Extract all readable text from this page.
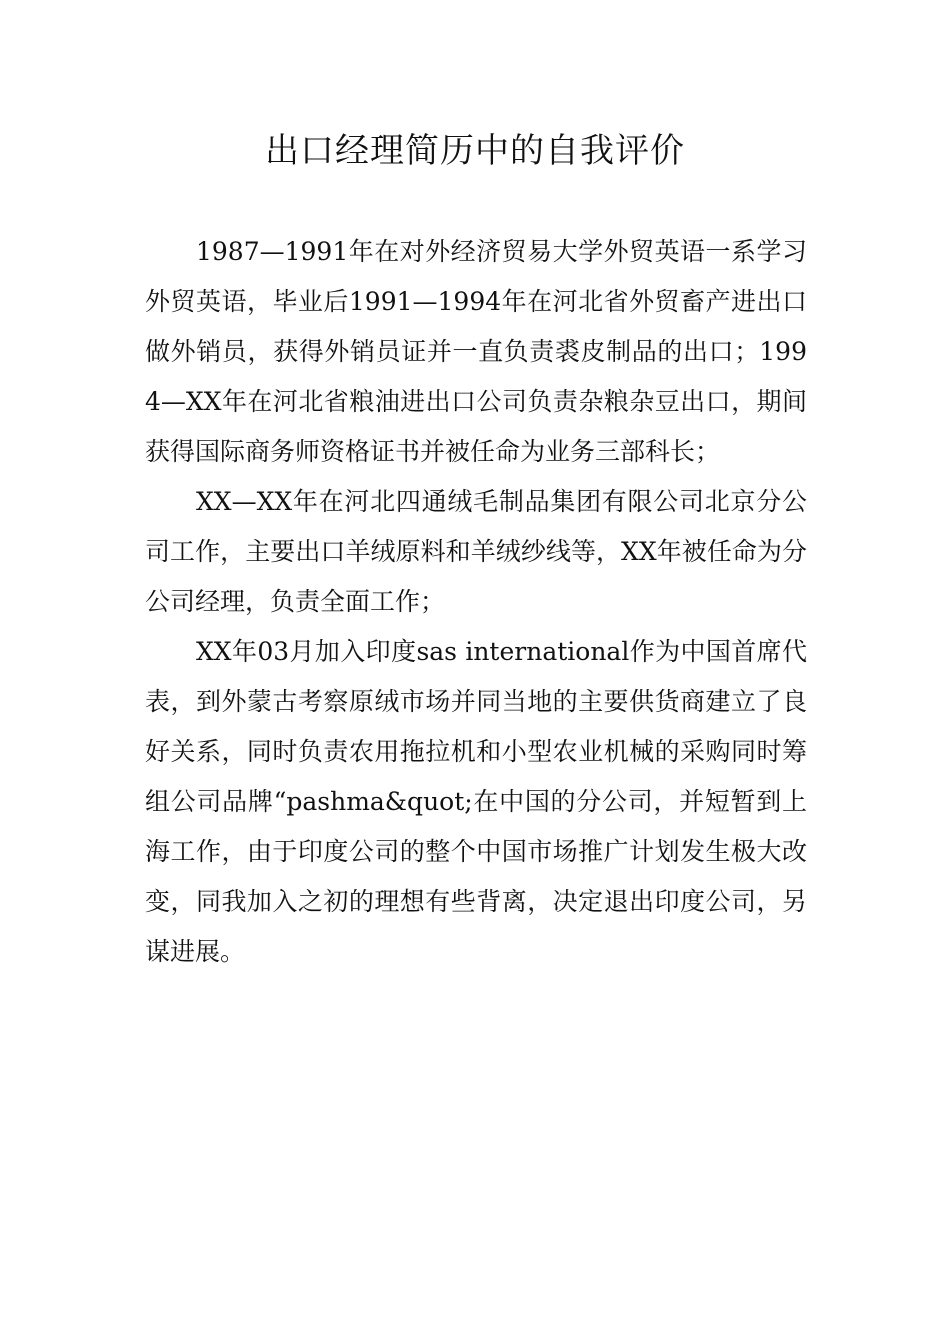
出口经理简历中的自我评价

1987—1991年在对外经济贸易大学外贸英语一系学习外贸英语，毕业后1991—1994年在河北省外贸畜产进出口做外销员，获得外销员证并一直负责裘皮制品的出口；1994—XX年在河北省粮油进出口公司负责杂粮杂豆出口，期间获得国际商务师资格证书并被任命为业务三部科长；

XX—XX年在河北四通绒毛制品集团有限公司北京分公司工作，主要出口羊绒原料和羊绒纱线等，XX年被任命为分公司经理，负责全面工作；

XX年03月加入印度sas international作为中国首席代表，到外蒙古考察原绒市场并同当地的主要供货商建立了良好关系，同时负责农用拖拉机和小型农业机械的采购同时筹组公司品牌“pashma&quot;在中国的分公司，并短暂到上海工作，由于印度公司的整个中国市场推广计划发生极大改变，同我加入之初的理想有些背离，决定退出印度公司，另谋进展。
